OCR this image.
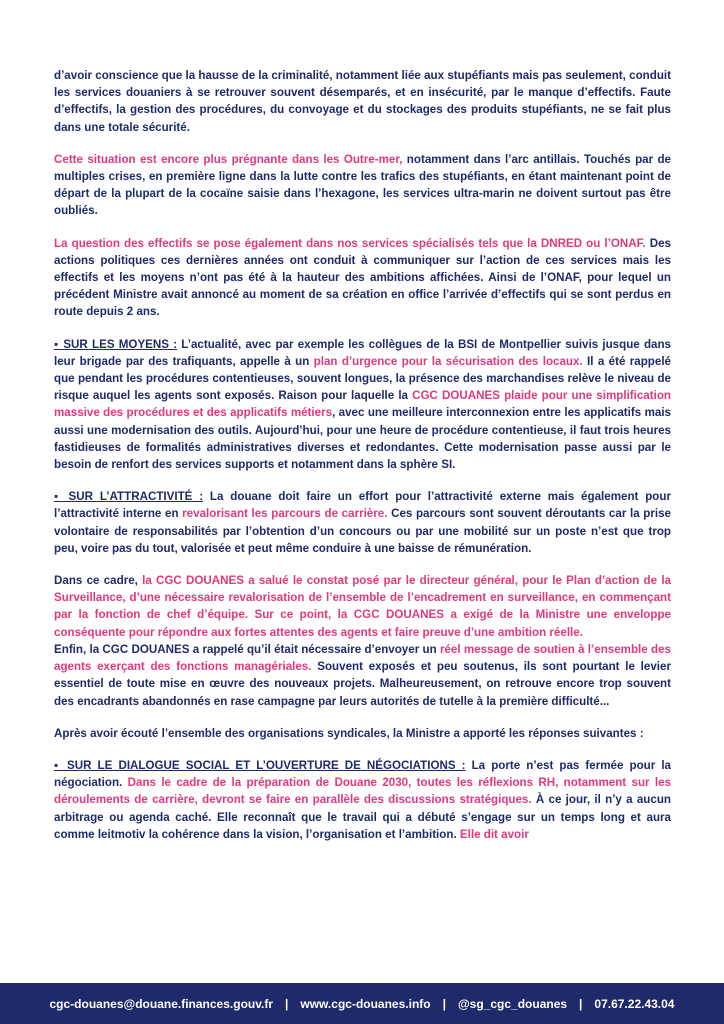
d’avoir conscience que la hausse de la criminalité, notamment liée aux stupéfiants mais pas seulement, conduit les services douaniers à se retrouver souvent désemparés, et en insécurité, par le manque d’effectifs. Faute d’effectifs, la gestion des procédures, du convoyage et du stockages des produits stupéfiants, ne se fait plus dans une totale sécurité.

Cette situation est encore plus prégnante dans les Outre-mer, notamment dans l’arc antillais. Touchés par de multiples crises, en première ligne dans la lutte contre les trafics des stupéfiants, en étant maintenant point de départ de la plupart de la cocaïne saisie dans l’hexagone, les services ultra-marin ne doivent surtout pas être oubliés.

La question des effectifs se pose également dans nos services spécialisés tels que la DNRED ou l’ONAF. Des actions politiques ces dernières années ont conduit à communiquer sur l’action de ces services mais les effectifs et les moyens n’ont pas été à la hauteur des ambitions affichées. Ainsi de l’ONAF, pour lequel un précédent Ministre avait annoncé au moment de sa création en office l’arrivée d’effectifs qui se sont perdus en route depuis 2 ans.

▪ SUR LES MOYENS : L’actualité, avec par exemple les collègues de la BSI de Montpellier suivis jusque dans leur brigade par des trafiquants, appelle à un plan d’urgence pour la sécurisation des locaux. Il a été rappelé que pendant les procédures contentieuses, souvent longues, la présence des marchandises relève le niveau de risque auquel les agents sont exposés. Raison pour laquelle la CGC DOUANES plaide pour une simplification massive des procédures et des applicatifs métiers, avec une meilleure interconnexion entre les applicatifs mais aussi une modernisation des outils. Aujourd’hui, pour une heure de procédure contentieuse, il faut trois heures fastidieuses de formalités administratives diverses et redondantes. Cette modernisation passe aussi par le besoin de renfort des services supports et notamment dans la sphère SI.

▪ SUR L’ATTRACTIVITÉ : La douane doit faire un effort pour l’attractivité externe mais également pour l’attractivité interne en revalorisant les parcours de carrière. Ces parcours sont souvent déroutants car la prise volontaire de responsabilités par l’obtention d’un concours ou par une mobilité sur un poste n’est que trop peu, voire pas du tout, valorisée et peut même conduire à une baisse de rémunération.

Dans ce cadre, la CGC DOUANES a salué le constat posé par le directeur général, pour le Plan d’action de la Surveillance, d’une nécessaire revalorisation de l’ensemble de l’encadrement en surveillance, en commençant par la fonction de chef d’équipe. Sur ce point, la CGC DOUANES a exigé de la Ministre une enveloppe conséquente pour répondre aux fortes attentes des agents et faire preuve d’une ambition réelle.

Enfin, la CGC DOUANES a rappelé qu’il était nécessaire d’envoyer un réel message de soutien à l’ensemble des agents exerçant des fonctions managériales. Souvent exposés et peu soutenus, ils sont pourtant le levier essentiel de toute mise en œuvre des nouveaux projets. Malheureusement, on retrouve encore trop souvent des encadrants abandonnés en rase campagne par leurs autorités de tutelle à la première difficulté...

Après avoir écouté l’ensemble des organisations syndicales, la Ministre a apporté les réponses suivantes :

▪ SUR LE DIALOGUE SOCIAL ET L’OUVERTURE DE NÉGOCIATIONS : La porte n’est pas fermée pour la négociation. Dans le cadre de la préparation de Douane 2030, toutes les réflexions RH, notamment sur les déroulements de carrière, devront se faire en parallèle des discussions stratégiques. À ce jour, il n’y a aucun arbitrage ou agenda caché. Elle reconnaît que le travail qui a débuté s’engage sur un temps long et aura comme leitmotiv la cohérence dans la vision, l’organisation et l’ambition. Elle dit avoir

cgc-douanes@douane.finances.gouv.fr | www.cgc-douanes.info | @sg_cgc_douanes | 07.67.22.43.04
